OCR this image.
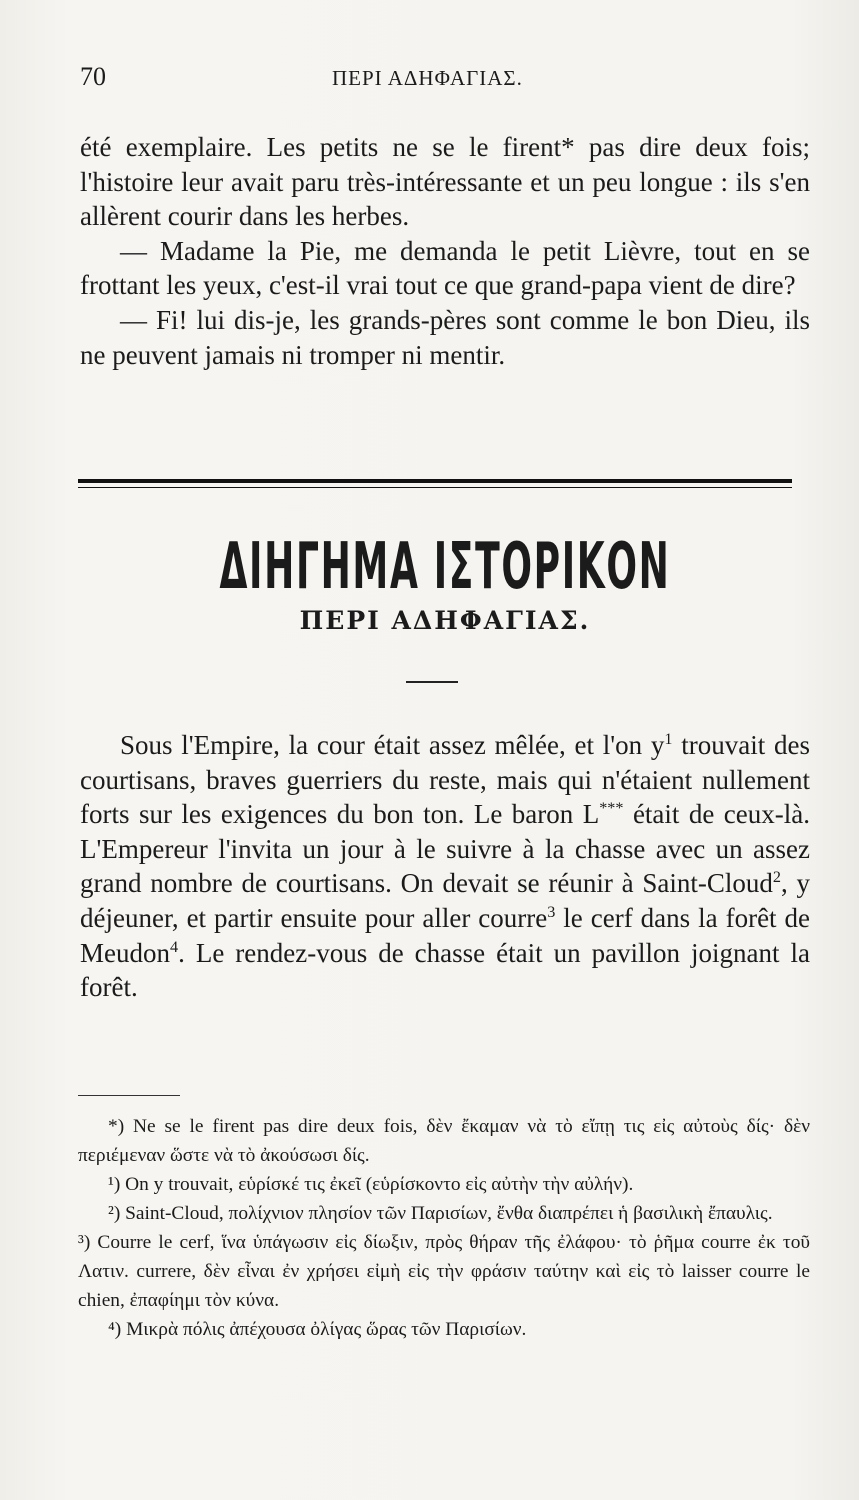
70	ΠΕΡΙ ΑΔΗΦΑΓΙΑΣ.

été exemplaire. Les petits ne se le firent* pas dire deux fois; l'histoire leur avait paru très-intéressante et un peu longue : ils s'en allèrent courir dans les herbes.

— Madame la Pie, me demanda le petit Lièvre, tout en se frottant les yeux, c'est-il vrai tout ce que grand-papa vient de dire?

— Fi! lui dis-je, les grands-pères sont comme le bon Dieu, ils ne peuvent jamais ni tromper ni mentir.

ΔΙΗΓΗΜΑ ΙΣΤΟΡΙΚΟΝ
ΠΕΡΙ ΑΔΗΦΑΓΙΑΣ.

Sous l'Empire, la cour était assez mêlée, et l'on $y^1$ trouvait des courtisans, braves guerriers du reste, mais qui n'étaient nullement forts sur les exigences du bon ton. Le baron L*** était de ceux-là. L'Empereur l'invita un jour à le suivre à la chasse avec un assez grand nombre de courtisans. On devait se réunir à Saint-Cloud$^2$, y déjeuner, et partir ensuite pour aller courre$^3$ le cerf dans la forêt de Meudon$^4$. Le rendez-vous de chasse était un pavillon joignant la forêt.

*) Ne se le firent pas dire deux fois, δὲν ἔκαμαν νὰ τὸ εἴπῃ τις εἰς αὐτοὺς δίς· δὲν περιέμεναν ὥστε νὰ τὸ ἀκούσωσι δίς.

¹) On y trouvait, εὑρίσκέ τις ἐκεῖ (εὑρίσκοντο εἰς αὐτὴν τὴν αὐλήν).

²) Saint-Cloud, πολίχνιον πλησίον τῶν Παρισίων, ἔνθα διαπρέπει ἡ βασιλικὴ ἔπαυλις.

³) Courre le cerf, ἵνα ὑπάγωσιν εἰς δίωξιν, πρὸς θήραν τῆς ἐλάφου· τὸ ῥῆμα courre ἐκ τοῦ Λατιν. currere, δὲν εἶναι ἐν χρήσει εἰμὴ εἰς τὴν φράσιν ταύτην καὶ εἰς τὸ laisser courre le chien, ἐπαφίημι τὸν κύνα.

⁴) Μικρὰ πόλις ἀπέχουσα ὀλίγας ὥρας τῶν Παρισίων.
